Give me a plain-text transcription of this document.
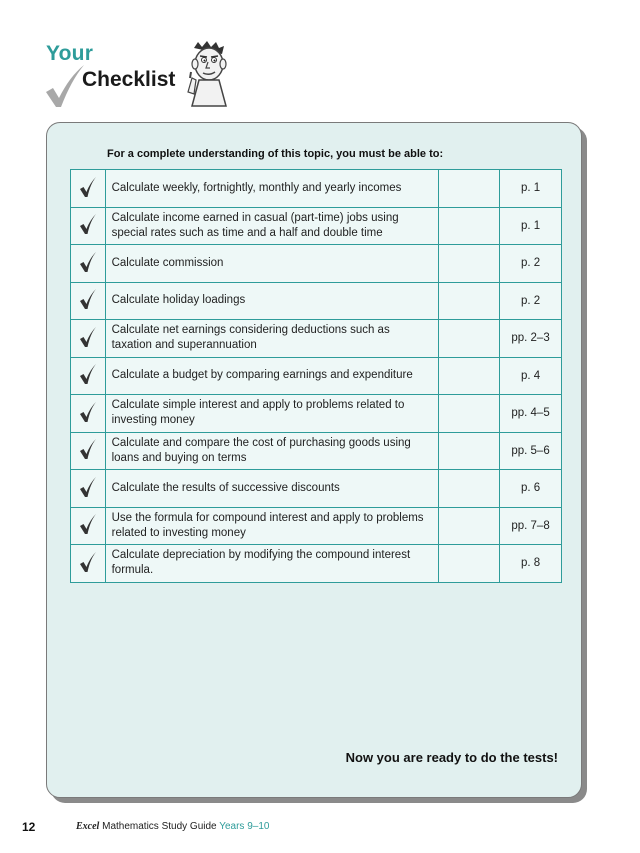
Your
Checklist
For a complete understanding of this topic, you must be able to:
	Calculate weekly, fortnightly, monthly and yearly incomes		p. 1
	Calculate income earned in casual (part-time) jobs using special rates such as time and a half and double time		p. 1
	Calculate commission		p. 2
	Calculate holiday loadings		p. 2
	Calculate net earnings considering deductions such as taxation and superannuation		pp. 2–3
	Calculate a budget by comparing earnings and expenditure		p. 4
	Calculate simple interest and apply to problems related to investing money		pp. 4–5
	Calculate and compare the cost of purchasing goods using loans and buying on terms		pp. 5–6
	Calculate the results of successive discounts		p. 6
	Use the formula for compound interest and apply to problems related to investing money		pp. 7–8
	Calculate depreciation by modifying the compound interest formula.		p. 8
Now you are ready to do the tests!
12	Excel Mathematics Study Guide Years 9–10
